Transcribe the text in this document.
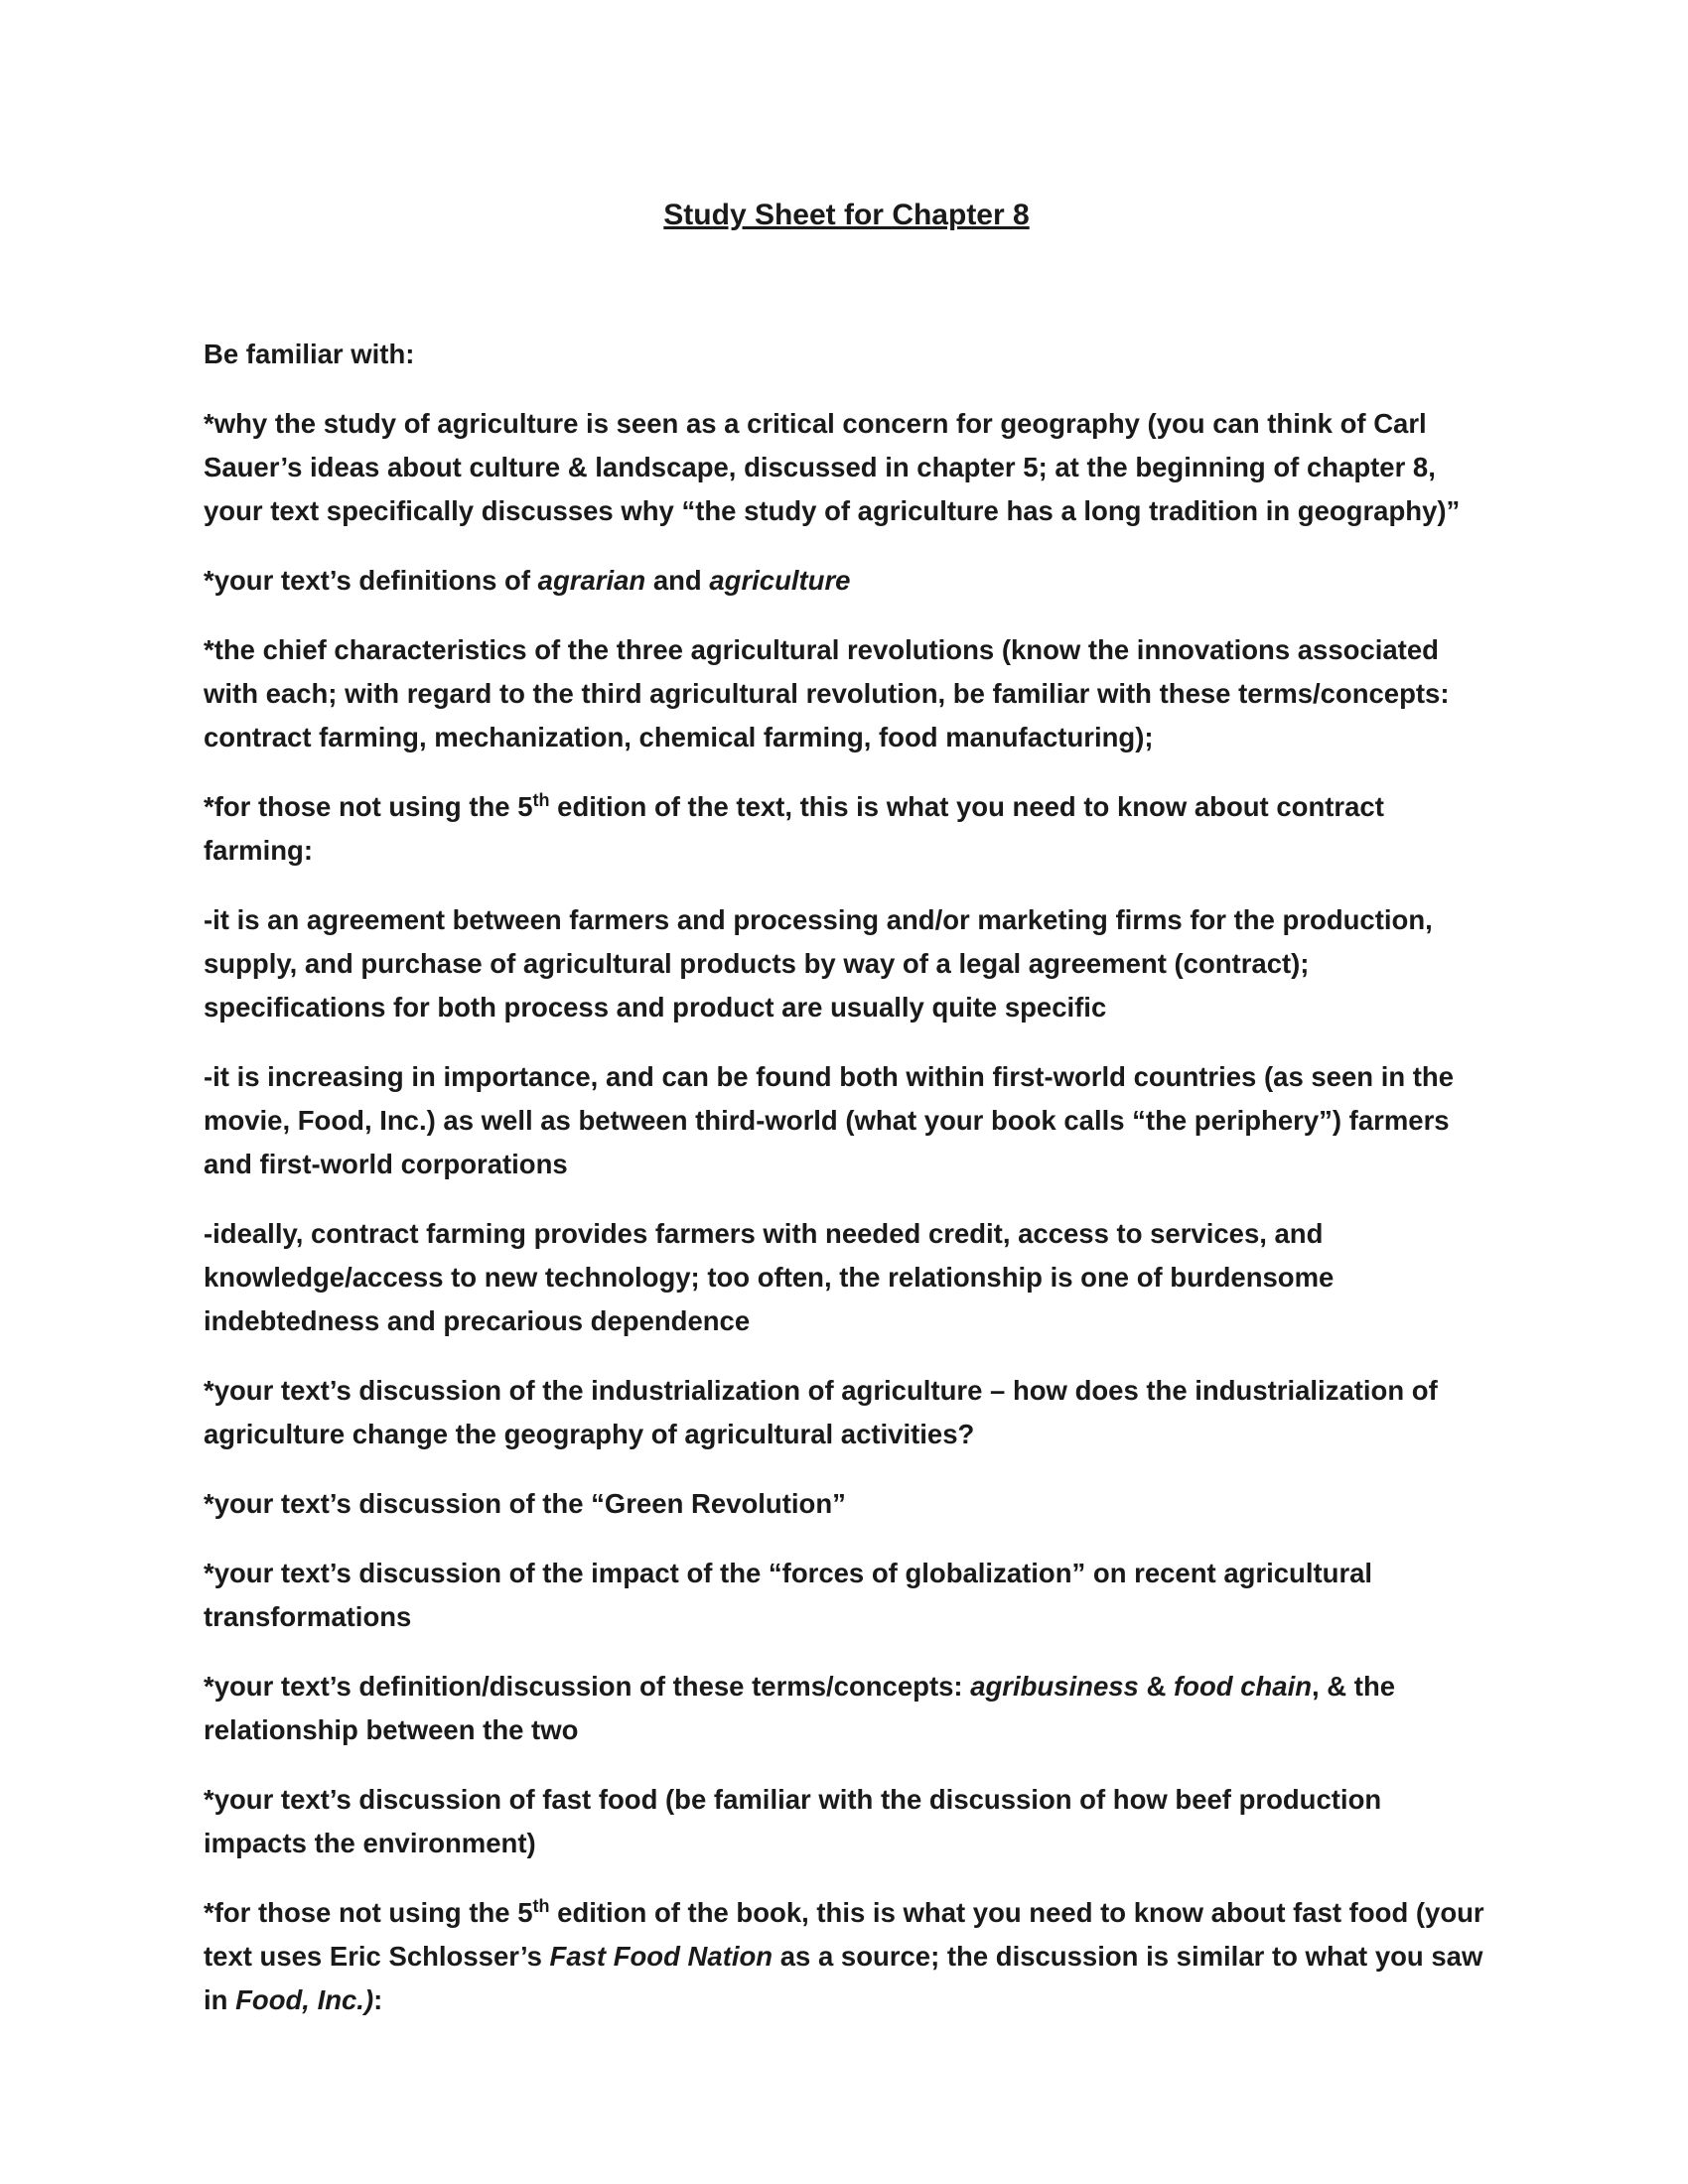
Study Sheet for Chapter 8

Be familiar with:

*why the study of agriculture is seen as a critical concern for geography (you can think of Carl Sauer’s ideas about culture & landscape, discussed in chapter 5; at the beginning of chapter 8, your text specifically discusses why “the study of agriculture has a long tradition in geography)”

*your text’s definitions of agrarian and agriculture

*the chief characteristics of the three agricultural revolutions (know the innovations associated with each; with regard to the third agricultural revolution, be familiar with these terms/concepts: contract farming, mechanization, chemical farming, food manufacturing);

*for those not using the 5th edition of the text, this is what you need to know about contract farming:

-it is an agreement between farmers and processing and/or marketing firms for the production, supply, and purchase of agricultural products by way of a legal agreement (contract); specifications for both process and product are usually quite specific

-it is increasing in importance, and can be found both within first-world countries (as seen in the movie, Food, Inc.) as well as between third-world (what your book calls “the periphery”) farmers and first-world corporations

-ideally, contract farming provides farmers with needed credit, access to services, and knowledge/access to new technology; too often, the relationship is one of burdensome indebtedness and precarious dependence

*your text’s discussion of the industrialization of agriculture – how does the industrialization of agriculture change the geography of agricultural activities?

*your text’s discussion of the “Green Revolution”

*your text’s discussion of the impact of the “forces of globalization” on recent agricultural transformations

*your text’s definition/discussion of these terms/concepts: agribusiness & food chain, & the relationship between the two

*your text’s discussion of fast food (be familiar with the discussion of how beef production impacts the environment)

*for those not using the 5th edition of the book, this is what you need to know about fast food (your text uses Eric Schlosser’s Fast Food Nation as a source; the discussion is similar to what you saw in Food, Inc.):
